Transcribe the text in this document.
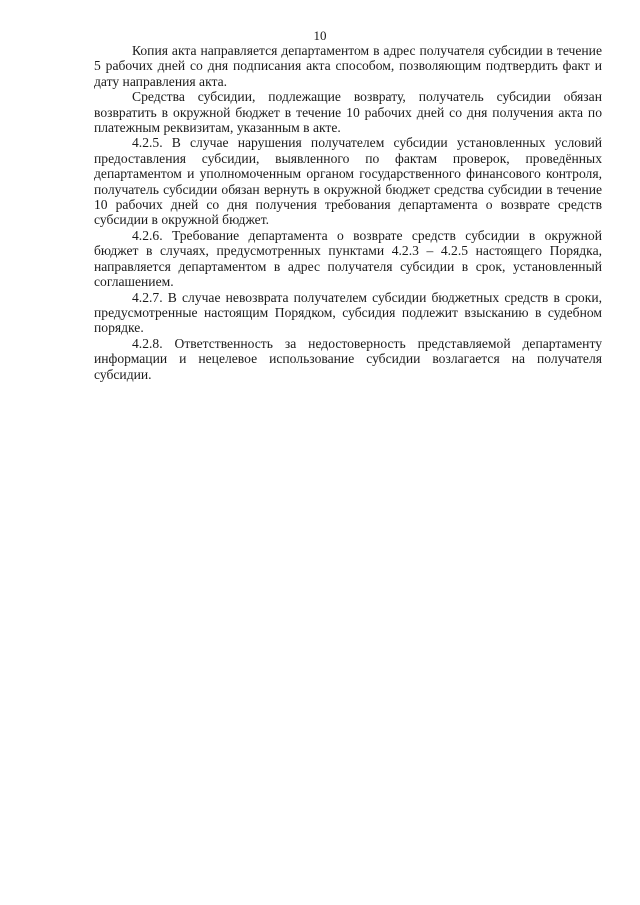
10

Копия акта направляется департаментом в адрес получателя субсидии в течение 5 рабочих дней со дня подписания акта способом, позволяющим подтвердить факт и дату направления акта.

Средства субсидии, подлежащие возврату, получатель субсидии обязан возвратить в окружной бюджет в течение 10 рабочих дней со дня получения акта по платежным реквизитам, указанным в акте.

4.2.5. В случае нарушения получателем субсидии установленных условий предоставления субсидии, выявленного по фактам проверок, проведённых департаментом и уполномоченным органом государственного финансового контроля, получатель субсидии обязан вернуть в окружной бюджет средства субсидии в течение 10 рабочих дней со дня получения требования департамента о возврате средств субсидии в окружной бюджет.

4.2.6. Требование департамента о возврате средств субсидии в окружной бюджет в случаях, предусмотренных пунктами 4.2.3 – 4.2.5 настоящего Порядка, направляется департаментом в адрес получателя субсидии в срок, установленный соглашением.

4.2.7. В случае невозврата получателем субсидии бюджетных средств в сроки, предусмотренные настоящим Порядком, субсидия подлежит взысканию в судебном порядке.

4.2.8. Ответственность за недостоверность представляемой департаменту информации и нецелевое использование субсидии возлагается на получателя субсидии.
